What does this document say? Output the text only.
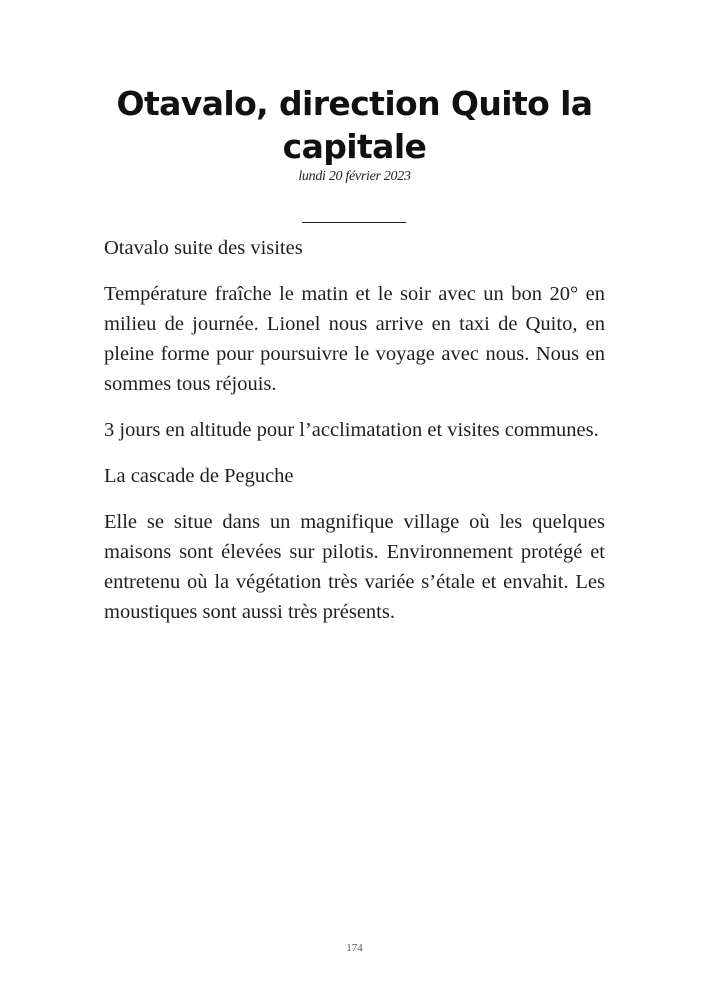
Otavalo, direction Quito la capitale
lundi 20 février 2023

Otavalo suite des visites

Température fraîche le matin et le soir avec un bon 20° en milieu de journée. Lionel nous arrive en taxi de Quito, en pleine forme pour poursuivre le voyage avec nous. Nous en sommes tous réjouis.

3 jours en altitude pour l’acclimatation et visites communes.

La cascade de Peguche

Elle se situe dans un magnifique village où les quelques maisons sont élevées sur pilotis. Environnement protégé et entretenu où la végétation très variée s’étale et envahit. Les moustiques sont aussi très présents.

174
